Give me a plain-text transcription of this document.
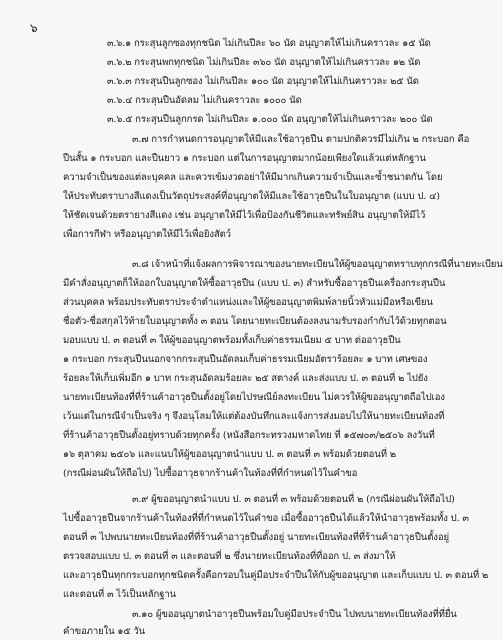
๖
๓.๖.๑ กระสุนลูกซองทุกชนิด ไม่เกินปีละ ๖๐ นัด อนุญาตให้ไม่เกินคราวละ ๑๕ นัด
๓.๖.๒ กระสุนพกทุกชนิด ไม่เกินปีละ ๓๖๐ นัด อนุญาตให้ไม่เกินคราวละ ๑๒ นัด
๓.๖.๓ กระสุนปืนลูกซอง ไม่เกินปีละ ๑๐๐ นัด อนุญาตให้ไม่เกินคราวละ ๒๕ นัด
๓.๖.๔ กระสุนปืนอัดลม ไม่เกินคราวละ ๑๐๐๐ นัด
๓.๖.๕ กระสุนปืนลูกกรด ไม่เกินปีละ ๑.๐๐๐ นัด อนุญาตให้ไม่เกินคราวละ ๒๐๐ นัด
๓.๗ การกำหนดการอนุญาตให้มีและใช้อาวุธปืน ตามปกติควรมีไม่เกิน ๒ กระบอก คือ
ปืนสั้น ๑ กระบอก และปืนยาว ๑ กระบอก แต่ในการอนุญาตมากน้อยเพียงใดแล้วแต่หลักฐาน
ความจำเป็นของแต่ละบุคคล และควรเข้มงวดอย่าให้มีมากเกินความจำเป็นและซ้ำชนาดกัน โดย
ให้ประทับตราบางสีแดงเป็นวัตถุประสงค์ที่อนุญาตให้มีและใช้อาวุธปืนในใบอนุญาต (แบบ ป. ๔)
ให้ชัดเจนด้วยตรายางสีแดง เช่น อนุญาตให้มีไว้เพื่อป้องกันชีวิตและทรัพย์สิน อนุญาตให้มีไว้
เพื่อการกีฬา หรืออนุญาตให้มีไว้เพื่อยิงสัตว์
๓.๘ เจ้าหน้าที่แจ้งผลการพิจารณาของนายทะเบียนให้ผู้ขออนุญาตทราบทุกกรณีที่นายทะเบียน
มีคำสั่งอนุญาตก็ให้ออกใบอนุญาตให้ซื้ออาวุธปืน (แบบ ป. ๓) สำหรับซื้ออาวุธปืนเครื่องกระสุนปืน
ส่วนบุคคล พร้อมประทับตราประจำตำแหน่งและให้ผู้ขออนุญาตพิมพ์ลายนิ้วหัวแม่มือหรือเขียน
ชื่อตัว-ชื่อสกุลไว้ท้ายใบอนุญาตทั้ง ๓ ตอน โดยนายทะเบียนต้องลงนามรับรองกำกับไว้ด้วยทุกตอน
มอบแบบ ป. ๓ ตอนที่ ๓ ให้ผู้ขออนุญาตพร้อมทั้งเก็บค่าธรรมเนียม ๕ บาท ต่ออาวุธปืน
๑ กระบอก กระสุนปืนนอกจากกระสุนปืนอัดลมเก็บค่าธรรมเนียมอัตราร้อยละ ๑ บาท เศษของ
ร้อยละให้เก็บเพิ่มอีก ๑ บาท กระสุนอัดลมร้อยละ ๒๕ สตางค์ และส่งแบบ ป. ๓ ตอนที่ ๒ ไปยัง
นายทะเบียนท้องที่ที่ร้านค้าอาวุธปืนตั้งอยู่โดยไปรษณีย์ลงทะเบียน ไม่ควรให้ผู้ขออนุญาตถือไปเอง
เว้นแต่ในกรณีจำเป็นจริง ๆ จึงอนุโลมให้แต่ต้องบันทึกและแจ้งการส่งมอบไปให้นายทะเบียนท้องที่
ที่ร้านค้าอาวุธปืนตั้งอยู่ทราบด้วยทุกครั้ง (หนังสือกระทรวงมหาดไทย ที่ ๑๕๗๐๓/๒๕๐๖ ลงวันที่
๑๖ ตุลาคม ๒๕๐๖ และแนบให้ผู้ขออนุญาตนำแบบ ป. ๓ ตอนที่ ๓ พร้อมด้วยตอนที่ ๒
(กรณีผ่อนผันให้ถือไป) ไปซื้ออาวุธจากร้านค้าในท้องที่ที่กำหนดไว้ในคำขอ
๓.๙ ผู้ขออนุญาตนำแบบ ป. ๓ ตอนที่ ๓ พร้อมด้วยตอนที่ ๒ (กรณีผ่อนผันให้ถือไป)
ไปซื้ออาวุธปืนจากร้านค้าในท้องที่ที่กำหนดไว้ในคำขอ เมื่อซื้ออาวุธปืนได้แล้วให้นำอาวุธพร้อมทั้ง ป. ๓
ตอนที่ ๓ ไปพบนายทะเบียนท้องที่ที่ร้านค้าอาวุธปืนตั้งอยู่ นายทะเบียนท้องที่ที่ร้านค้าอาวุธปืนตั้งอยู่
ตรวจสอบแบบ ป. ๓ ตอนที่ ๓ และตอนที่ ๒ ซึ่งนายทะเบียนท้องที่ที่ออก ป. ๓ ส่งมาให้
และอาวุธปืนทุกกระบอกทุกชนิดครั้งคือกรอบในคู่มือประจำปืนให้กับผู้ขออนุญาต และเก็บแบบ ป. ๓ ตอนที่ ๒
และตอนที่ ๓ ไว้เป็นหลักฐาน
๓.๑๐ ผู้ขออนุญาตนำอาวุธปืนพร้อมใบคู่มือประจำปืน ไปพบนายทะเบียนท้องที่ที่ยื่น
คำขอภายใน ๑๕ วัน
